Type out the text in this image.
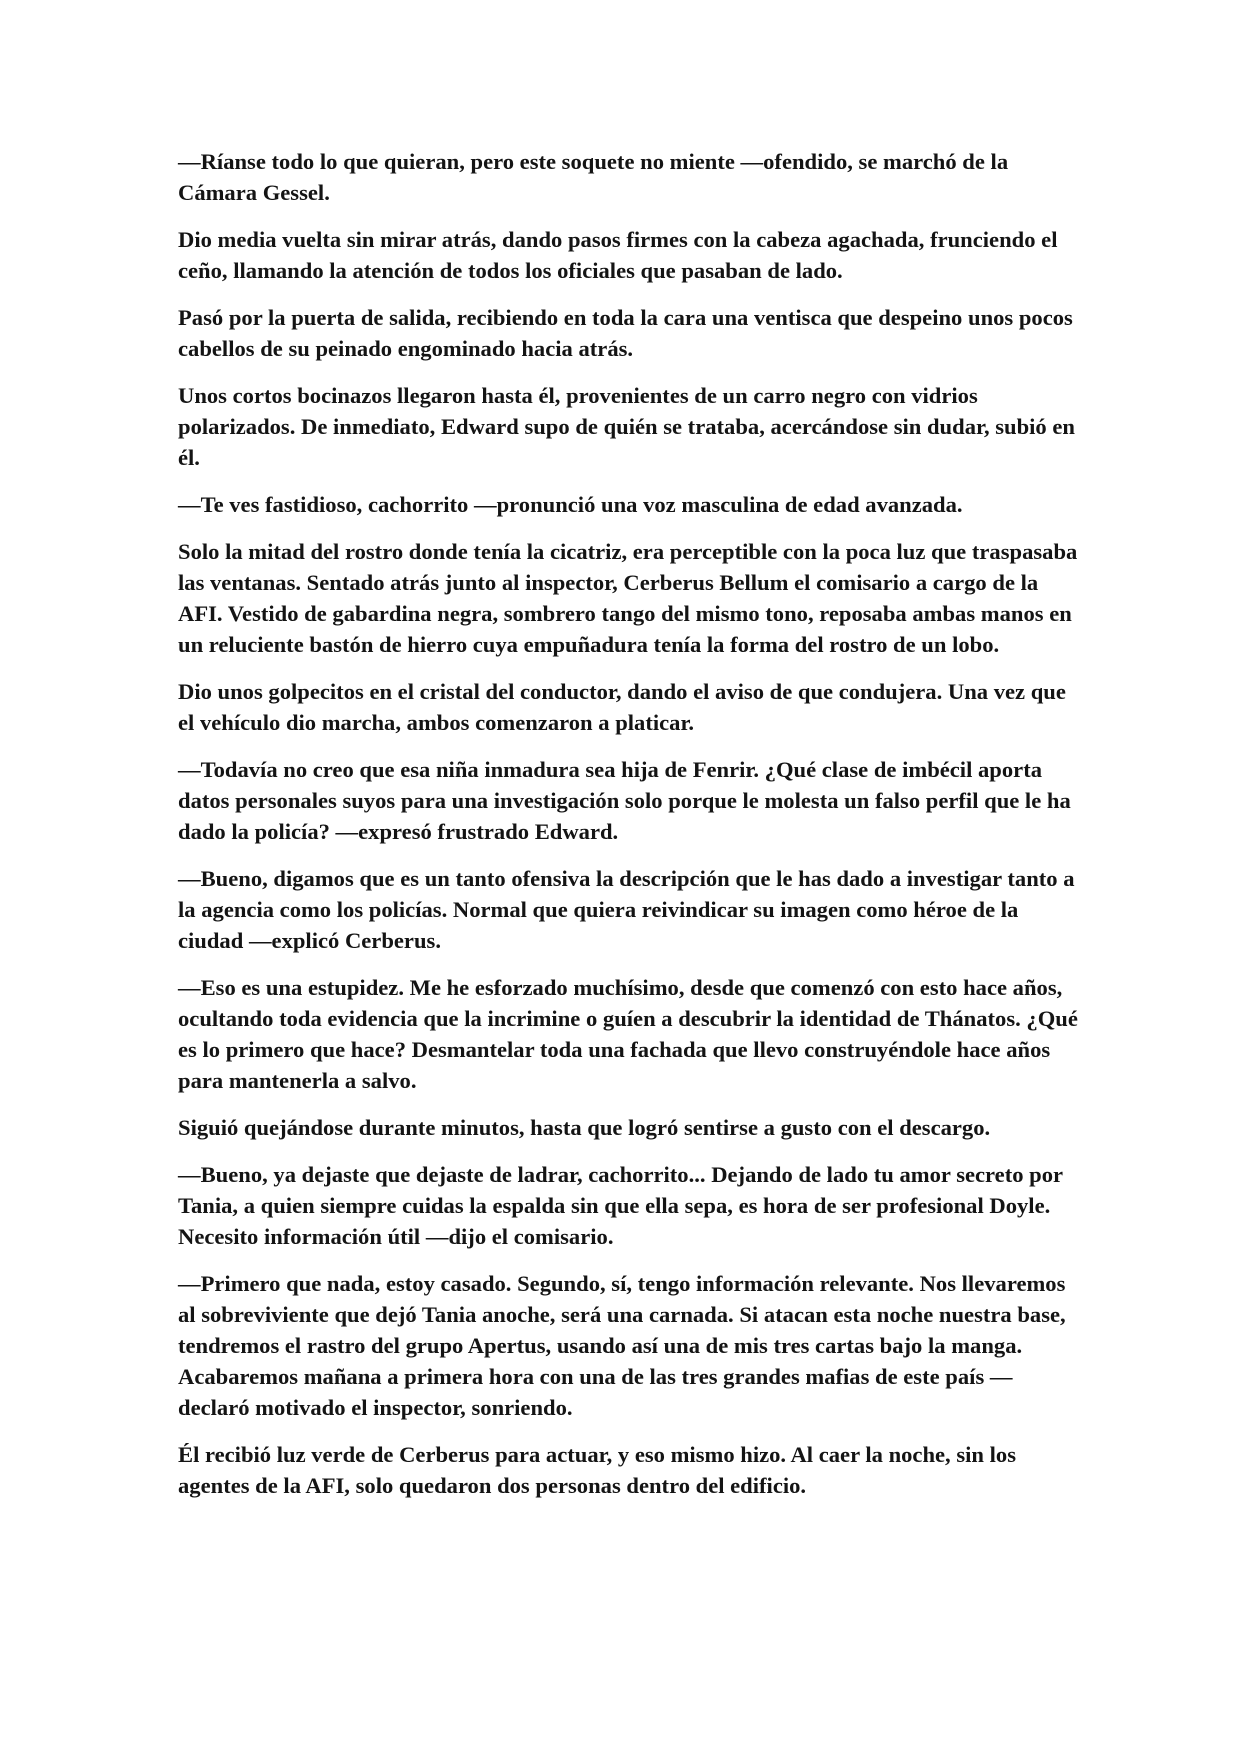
—Ríanse todo lo que quieran, pero este soquete no miente —ofendido, se marchó de la Cámara Gessel.

Dio media vuelta sin mirar atrás, dando pasos firmes con la cabeza agachada, frunciendo el ceño, llamando la atención de todos los oficiales que pasaban de lado.

Pasó por la puerta de salida, recibiendo en toda la cara una ventisca que despeino unos pocos cabellos de su peinado engominado hacia atrás.

Unos cortos bocinazos llegaron hasta él, provenientes de un carro negro con vidrios polarizados. De inmediato, Edward supo de quién se trataba, acercándose sin dudar, subió en él.

—Te ves fastidioso, cachorrito —pronunció una voz masculina de edad avanzada.

Solo la mitad del rostro donde tenía la cicatriz, era perceptible con la poca luz que traspasaba las ventanas. Sentado atrás junto al inspector, Cerberus Bellum el comisario a cargo de la AFI. Vestido de gabardina negra, sombrero tango del mismo tono, reposaba ambas manos en un reluciente bastón de hierro cuya empuñadura tenía la forma del rostro de un lobo.

Dio unos golpecitos en el cristal del conductor, dando el aviso de que condujera. Una vez que el vehículo dio marcha, ambos comenzaron a platicar.

—Todavía no creo que esa niña inmadura sea hija de Fenrir. ¿Qué clase de imbécil aporta datos personales suyos para una investigación solo porque le molesta un falso perfil que le ha dado la policía? —expresó frustrado Edward.

—Bueno, digamos que es un tanto ofensiva la descripción que le has dado a investigar tanto a la agencia como los policías. Normal que quiera reivindicar su imagen como héroe de la ciudad —explicó Cerberus.

—Eso es una estupidez. Me he esforzado muchísimo, desde que comenzó con esto hace años, ocultando toda evidencia que la incrimine o guíen a descubrir la identidad de Thánatos. ¿Qué es lo primero que hace? Desmantelar toda una fachada que llevo construyéndole hace años para mantenerla a salvo.

Siguió quejándose durante minutos, hasta que logró sentirse a gusto con el descargo.

—Bueno, ya dejaste que dejaste de ladrar, cachorrito... Dejando de lado tu amor secreto por Tania, a quien siempre cuidas la espalda sin que ella sepa, es hora de ser profesional Doyle. Necesito información útil —dijo el comisario.

—Primero que nada, estoy casado. Segundo, sí, tengo información relevante. Nos llevaremos al sobreviviente que dejó Tania anoche, será una carnada. Si atacan esta noche nuestra base, tendremos el rastro del grupo Apertus, usando así una de mis tres cartas bajo la manga. Acabaremos mañana a primera hora con una de las tres grandes mafias de este país —declaró motivado el inspector, sonriendo.

Él recibió luz verde de Cerberus para actuar, y eso mismo hizo. Al caer la noche, sin los agentes de la AFI, solo quedaron dos personas dentro del edificio.
